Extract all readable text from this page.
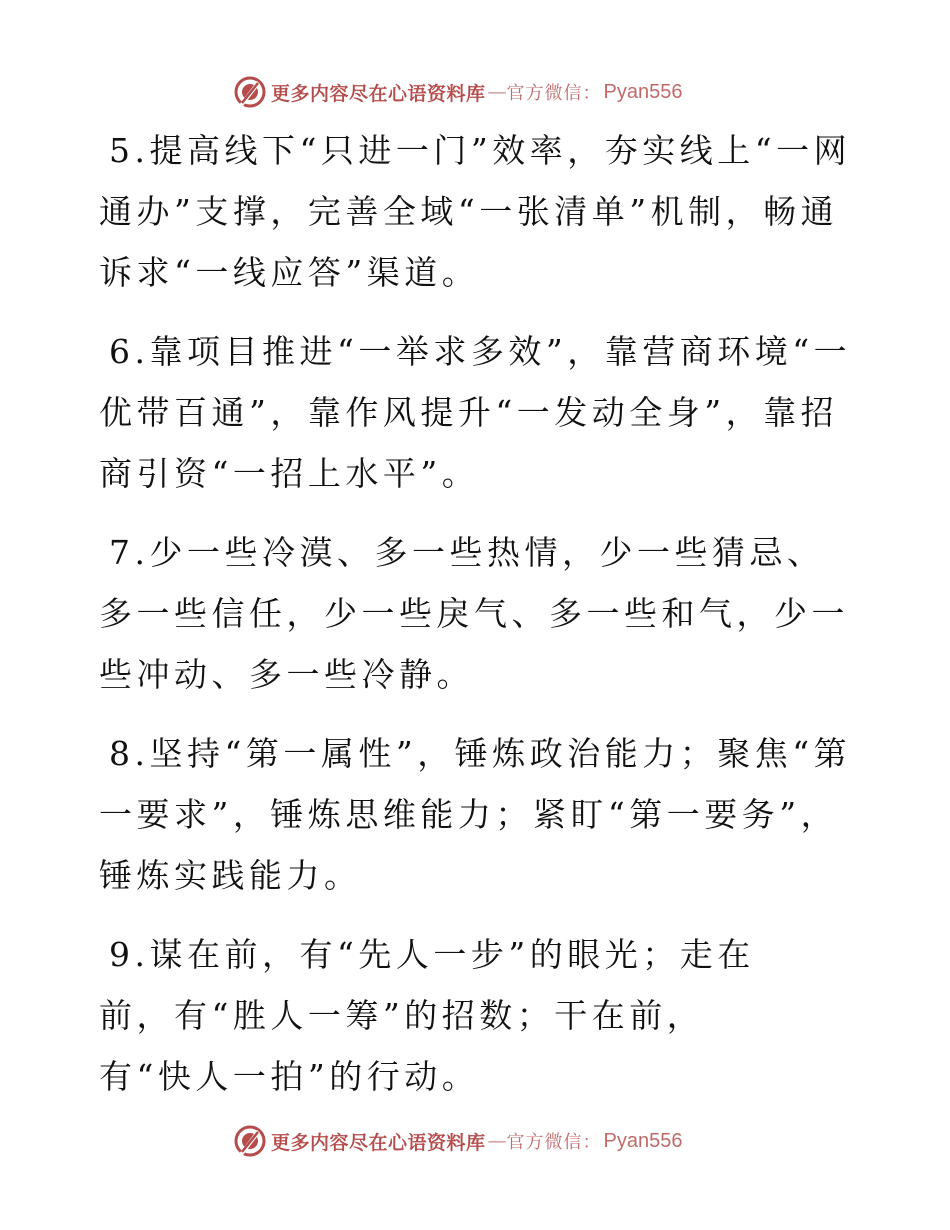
更多内容尽在心语资料库 — 官方微信： Pyan556

5.提高线下“只进一门”效率，夯实线上“一网通办”支撑，完善全域“一张清单”机制，畅通诉求“一线应答”渠道。

6.靠项目推进“一举求多效”，靠营商环境“一优带百通”，靠作风提升“一发动全身”，靠招商引资“一招上水平”。

7.少一些冷漠、多一些热情，少一些猜忌、多一些信任，少一些戾气、多一些和气，少一些冲动、多一些冷静。

8.坚持“第一属性”，锤炼政治能力；聚焦“第一要求”，锤炼思维能力；紧盯“第一要务”，锤炼实践能力。

9.谋在前，有“先人一步”的眼光；走在前，有“胜人一筹”的招数；干在前，有“快人一拍”的行动。

更多内容尽在心语资料库 — 官方微信： Pyan556
